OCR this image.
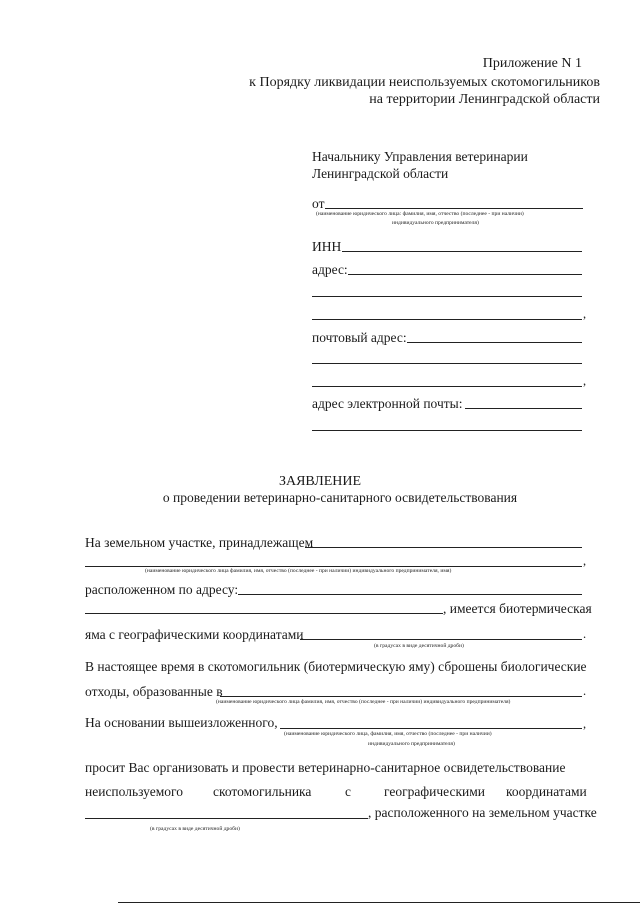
Приложение N 1
к Порядку ликвидации неиспользуемых скотомогильников
на территории Ленинградской области
Начальнику Управления ветеринарии
Ленинградской области
от
(наименование юридического лица: фамилия, имя, отчество (последнее - при наличии)
индивидуального предпринимателя)
ИНН
адрес:
,
почтовый адрес:
,
адрес электронной почты:
ЗАЯВЛЕНИЕ
о проведении ветеринарно-санитарного освидетельствования
На земельном участке, принадлежащем
,
(наименование юридического лица фамилия, имя, отчество (последнее - при наличии) индивидуального предпринимателя, имя)
расположенном по адресу:
, имеется биотермическая
яма с географическими координатами	.
(в градусах в виде десятичной дроби)
В настоящее время в скотомогильник (биотермическую яму) сброшены биологические
отходы, образованные в	.
(наименование юридического лица фамилия, имя, отчество (последнее - при наличии) индивидуального предпринимателя)
На основании вышеизложенного,	,
(наименование юридического лица, фамилия, имя, отчество (последнее - при наличии)
индивидуального предпринимателя)
просит Вас организовать и провести ветеринарно-санитарное освидетельствование
неиспользуемого скотомогильника с географическими координатами
, расположенного на земельном участке
(в градусах в виде десятичной дроби)
